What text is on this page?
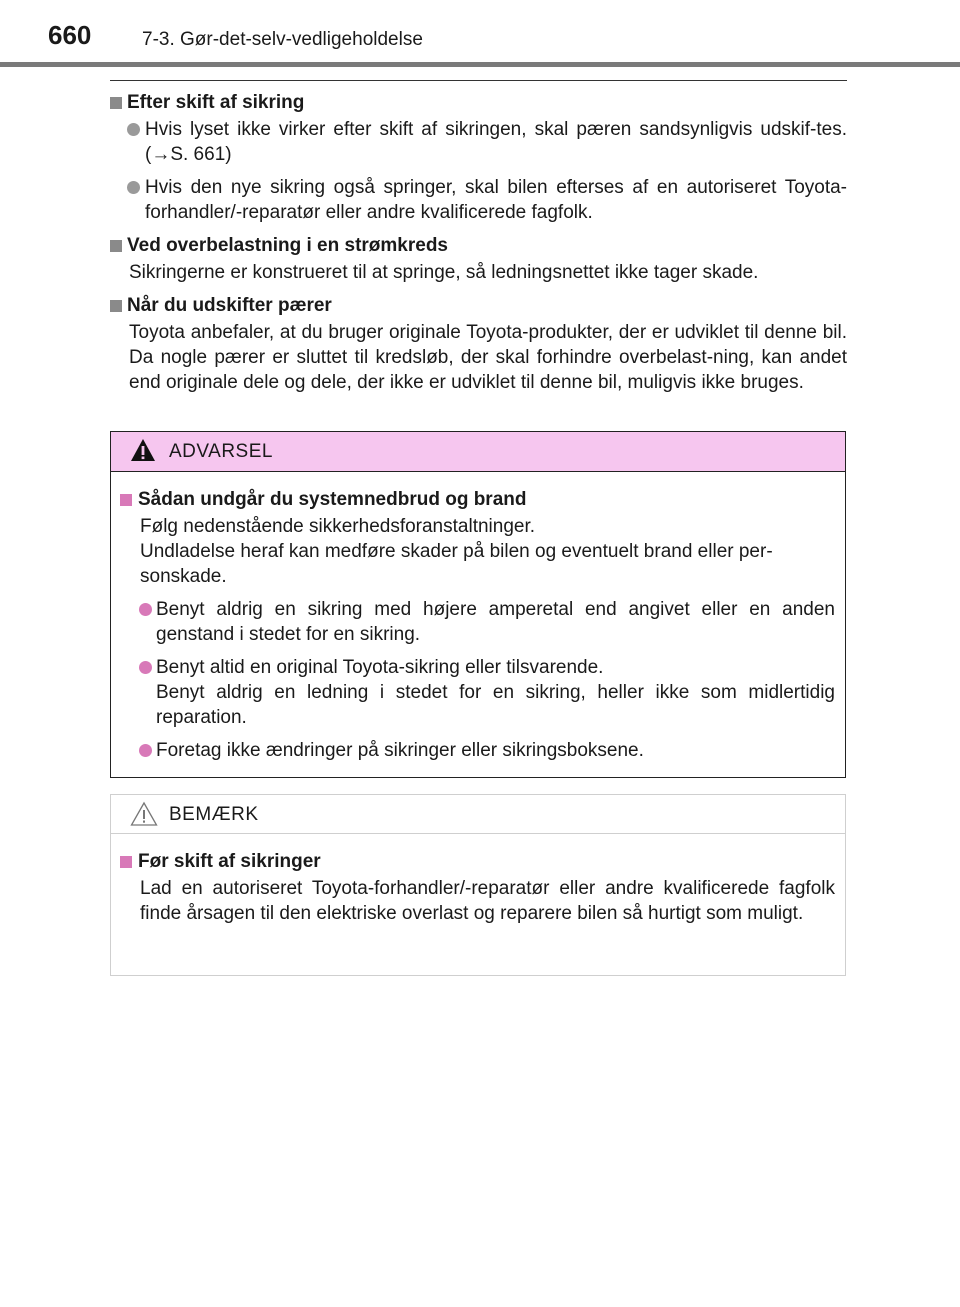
660	7-3. Gør-det-selv-vedligeholdelse
Efter skift af sikring
Hvis lyset ikke virker efter skift af sikringen, skal pæren sandsynligvis udskif-tes. (→S. 661)
Hvis den nye sikring også springer, skal bilen efterses af en autoriseret Toyota-forhandler/-reparatør eller andre kvalificerede fagfolk.
Ved overbelastning i en strømkreds
Sikringerne er konstrueret til at springe, så ledningsnettet ikke tager skade.
Når du udskifter pærer
Toyota anbefaler, at du bruger originale Toyota-produkter, der er udviklet til denne bil. Da nogle pærer er sluttet til kredsløb, der skal forhindre overbelast-ning, kan andet end originale dele og dele, der ikke er udviklet til denne bil, muligvis ikke bruges.
ADVARSEL
Sådan undgår du systemnedbrud og brand
Følg nedenstående sikkerhedsforanstaltninger.
Undladelse heraf kan medføre skader på bilen og eventuelt brand eller per-sonskade.
Benyt aldrig en sikring med højere amperetal end angivet eller en anden genstand i stedet for en sikring.
Benyt altid en original Toyota-sikring eller tilsvarende.
Benyt aldrig en ledning i stedet for en sikring, heller ikke som midlertidig reparation.
Foretag ikke ændringer på sikringer eller sikringsboksene.
BEMÆRK
Før skift af sikringer
Lad en autoriseret Toyota-forhandler/-reparatør eller andre kvalificerede fagfolk finde årsagen til den elektriske overlast og reparere bilen så hurtigt som muligt.
